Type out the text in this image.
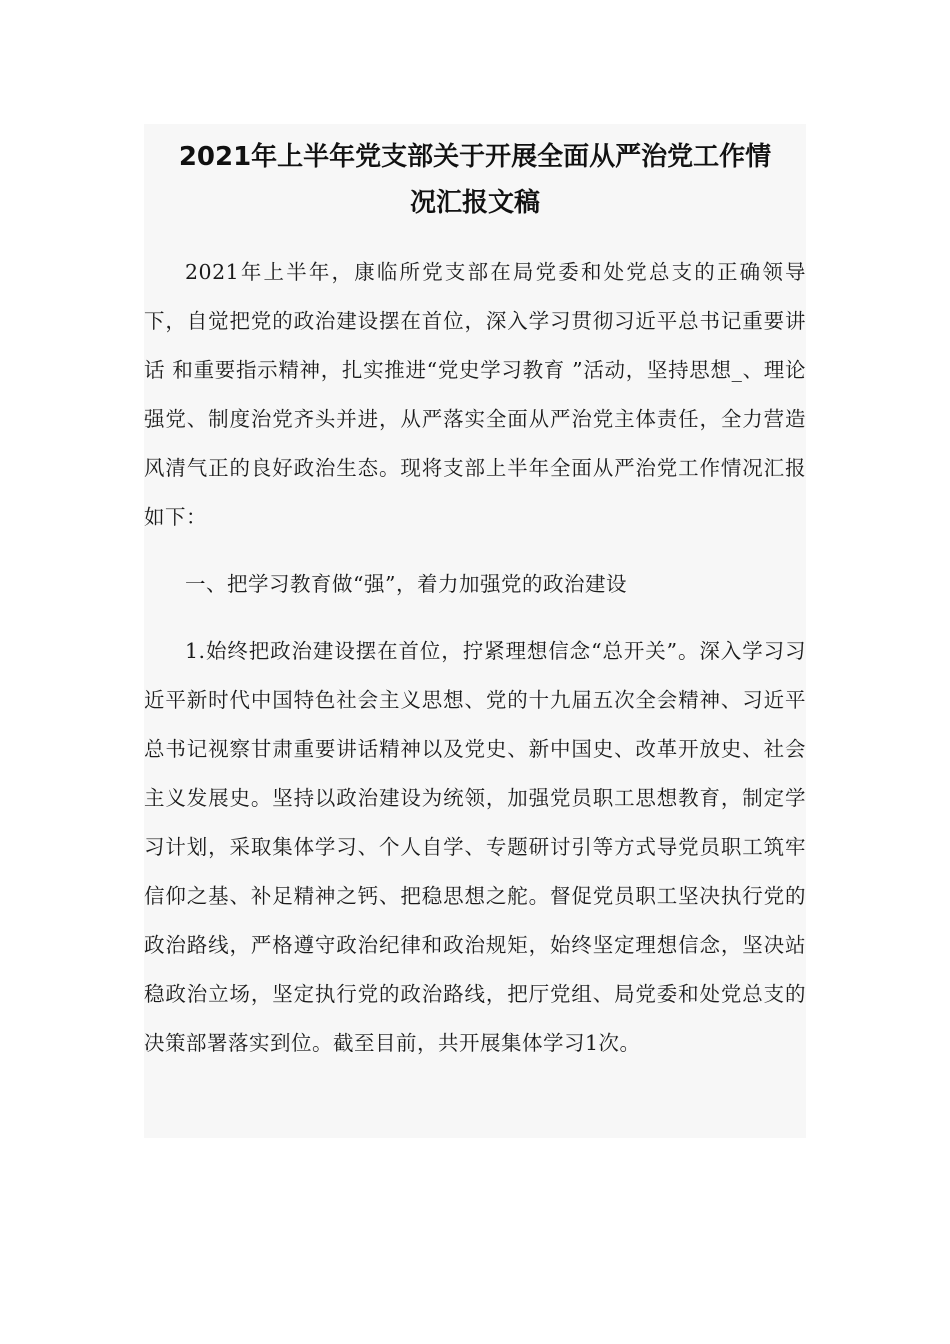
2021年上半年党支部关于开展全面从严治党工作情
况汇报文稿

2021年上半年，康临所党支部在局党委和处党总支的正确领导下，自觉把党的政治建设摆在首位，深入学习贯彻习近平总书记重要讲话 和重要指示精神，扎实推进“党史学习教育 ”活动，坚持思想_、理论强党、制度治党齐头并进，从严落实全面从严治党主体责任，全力营造风清气正的良好政治生态。现将支部上半年全面从严治党工作情况汇报如下：

一、把学习教育做“强”，着力加强党的政治建设

1.始终把政治建设摆在首位，拧紧理想信念“总开关”。深入学习习近平新时代中国特色社会主义思想、党的十九届五次全会精神、习近平总书记视察甘肃重要讲话精神以及党史、新中国史、改革开放史、社会主义发展史。坚持以政治建设为统领，加强党员职工思想教育，制定学习计划，采取集体学习、个人自学、专题研讨引等方式导党员职工筑牢信仰之基、补足精神之钙、把稳思想之舵。督促党员职工坚决执行党的政治路线，严格遵守政治纪律和政治规矩，始终坚定理想信念，坚决站稳政治立场，坚定执行党的政治路线，把厅党组、局党委和处党总支的决策部署落实到位。截至目前，共开展集体学习1次。
